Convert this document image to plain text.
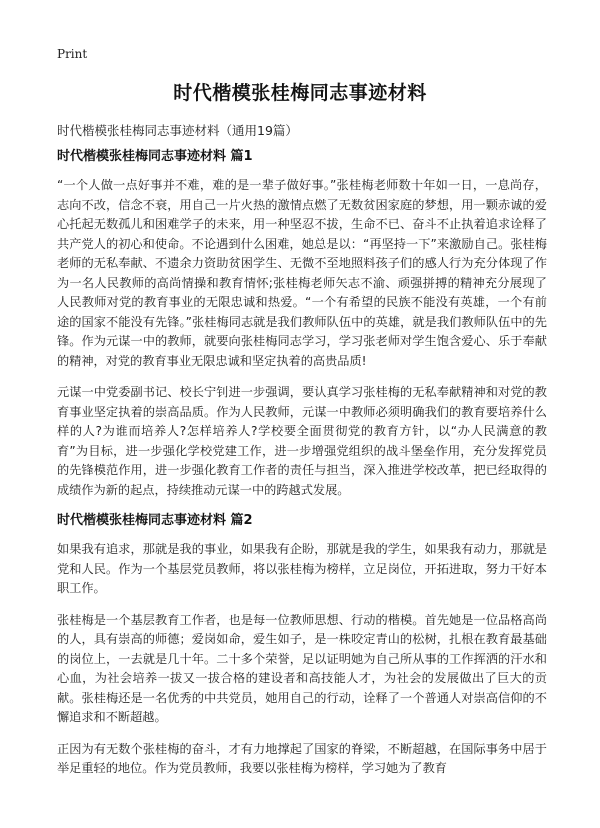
Print
时代楷模张桂梅同志事迹材料
时代楷模张桂梅同志事迹材料（通用19篇）
时代楷模张桂梅同志事迹材料 篇1

“一个人做一点好事并不难，难的是一辈子做好事。”张桂梅老师数十年如一日，一息尚存，志向不改，信念不衰，用自己一片火热的激情点燃了无数贫困家庭的梦想，用一颗赤诚的爱心托起无数孤儿和困难学子的未来，用一种坚忍不拔，生命不已、奋斗不止执着追求诠释了共产党人的初心和使命。不论遇到什么困难，她总是以：“再坚持一下”来激励自己。张桂梅老师的无私奉献、不遗余力资助贫困学生、无微不至地照料孩子们的感人行为充分体现了作为一名人民教师的高尚情操和教育情怀;张桂梅老师矢志不渝、顽强拼搏的精神充分展现了人民教师对党的教育事业的无限忠诚和热爱。“一个有希望的民族不能没有英雄，一个有前途的国家不能没有先锋。”张桂梅同志就是我们教师队伍中的英雄，就是我们教师队伍中的先锋。作为元谋一中的教师，就要向张桂梅同志学习，学习张老师对学生饱含爱心、乐于奉献的精神，对党的教育事业无限忠诚和坚定执着的高贵品质!

元谋一中党委副书记、校长宁钊进一步强调，要认真学习张桂梅的无私奉献精神和对党的教育事业坚定执着的崇高品质。作为人民教师，元谋一中教师必须明确我们的教育要培养什么样的人?为谁而培养人?怎样培养人?学校要全面贯彻党的教育方针，以“办人民满意的教育”为目标，进一步强化学校党建工作，进一步增强党组织的战斗堡垒作用，充分发挥党员的先锋模范作用，进一步强化教育工作者的责任与担当，深入推进学校改革，把已经取得的成绩作为新的起点，持续推动元谋一中的跨越式发展。

时代楷模张桂梅同志事迹材料 篇2

如果我有追求，那就是我的事业，如果我有企盼，那就是我的学生，如果我有动力，那就是党和人民。作为一个基层党员教师，将以张桂梅为榜样，立足岗位，开拓进取，努力干好本职工作。

张桂梅是一个基层教育工作者，也是每一位教师思想、行动的楷模。首先她是一位品格高尚的人，具有崇高的师德；爱岗如命，爱生如子，是一株咬定青山的松树，扎根在教育最基础的岗位上，一去就是几十年。二十多个荣誉，足以证明她为自己所从事的工作挥洒的汗水和心血，为社会培养一拔又一拔合格的建设者和高技能人才，为社会的发展做出了巨大的贡献。张桂梅还是一名优秀的中共党员，她用自己的行动，诠释了一个普通人对崇高信仰的不懈追求和不断超越。

正因为有无数个张桂梅的奋斗，才有力地撑起了国家的脊梁，不断超越，在国际事务中居于举足重轻的地位。作为党员教师，我要以张桂梅为榜样，学习她为了教育
